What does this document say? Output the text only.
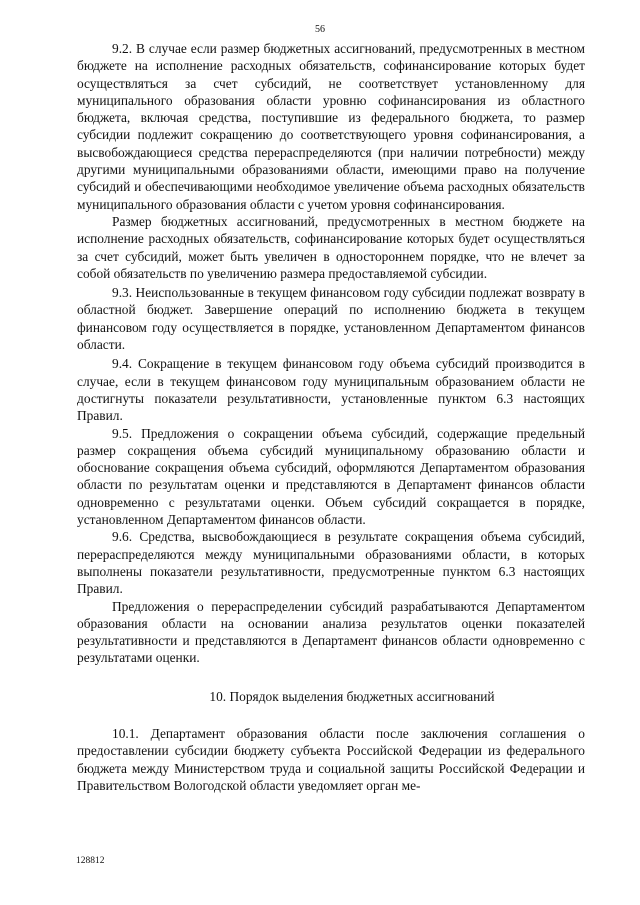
56

9.2. В случае если размер бюджетных ассигнований, предусмотренных в местном бюджете на исполнение расходных обязательств, софинансирование которых будет осуществляться за счет субсидий, не соответствует установленному для муниципального образования области уровню софинансирования из областного бюджета, включая средства, поступившие из федерального бюджета, то размер субсидии подлежит сокращению до соответствующего уровня софинансирования, а высвобождающиеся средства перераспределяются (при наличии потребности) между другими муниципальными образованиями области, имеющими право на получение субсидий и обеспечивающими необходимое увеличение объема расходных обязательств муниципального образования области с учетом уровня софинансирования.

Размер бюджетных ассигнований, предусмотренных в местном бюджете на исполнение расходных обязательств, софинансирование которых будет осуществляться за счет субсидий, может быть увеличен в одностороннем порядке, что не влечет за собой обязательств по увеличению размера предоставляемой субсидии.

9.3. Неиспользованные в текущем финансовом году субсидии подлежат возврату в областной бюджет. Завершение операций по исполнению бюджета в текущем финансовом году осуществляется в порядке, установленном Департаментом финансов области.

9.4. Сокращение в текущем финансовом году объема субсидий производится в случае, если в текущем финансовом году муниципальным образованием области не достигнуты показатели результативности, установленные пунктом 6.3 настоящих Правил.

9.5. Предложения о сокращении объема субсидий, содержащие предельный размер сокращения объема субсидий муниципальному образованию области и обоснование сокращения объема субсидий, оформляются Департаментом образования области по результатам оценки и представляются в Департамент финансов области одновременно с результатами оценки. Объем субсидий сокращается в порядке, установленном Департаментом финансов области.

9.6. Средства, высвобождающиеся в результате сокращения объема субсидий, перераспределяются между муниципальными образованиями области, в которых выполнены показатели результативности, предусмотренные пунктом 6.3 настоящих Правил.

Предложения о перераспределении субсидий разрабатываются Департаментом образования области на основании анализа результатов оценки показателей результативности и представляются в Департамент финансов области одновременно с результатами оценки.

10. Порядок выделения бюджетных ассигнований

10.1. Департамент образования области после заключения соглашения о предоставлении субсидии бюджету субъекта Российской Федерации из федерального бюджета между Министерством труда и социальной защиты Российской Федерации и Правительством Вологодской области уведомляет орган ме-

128812
